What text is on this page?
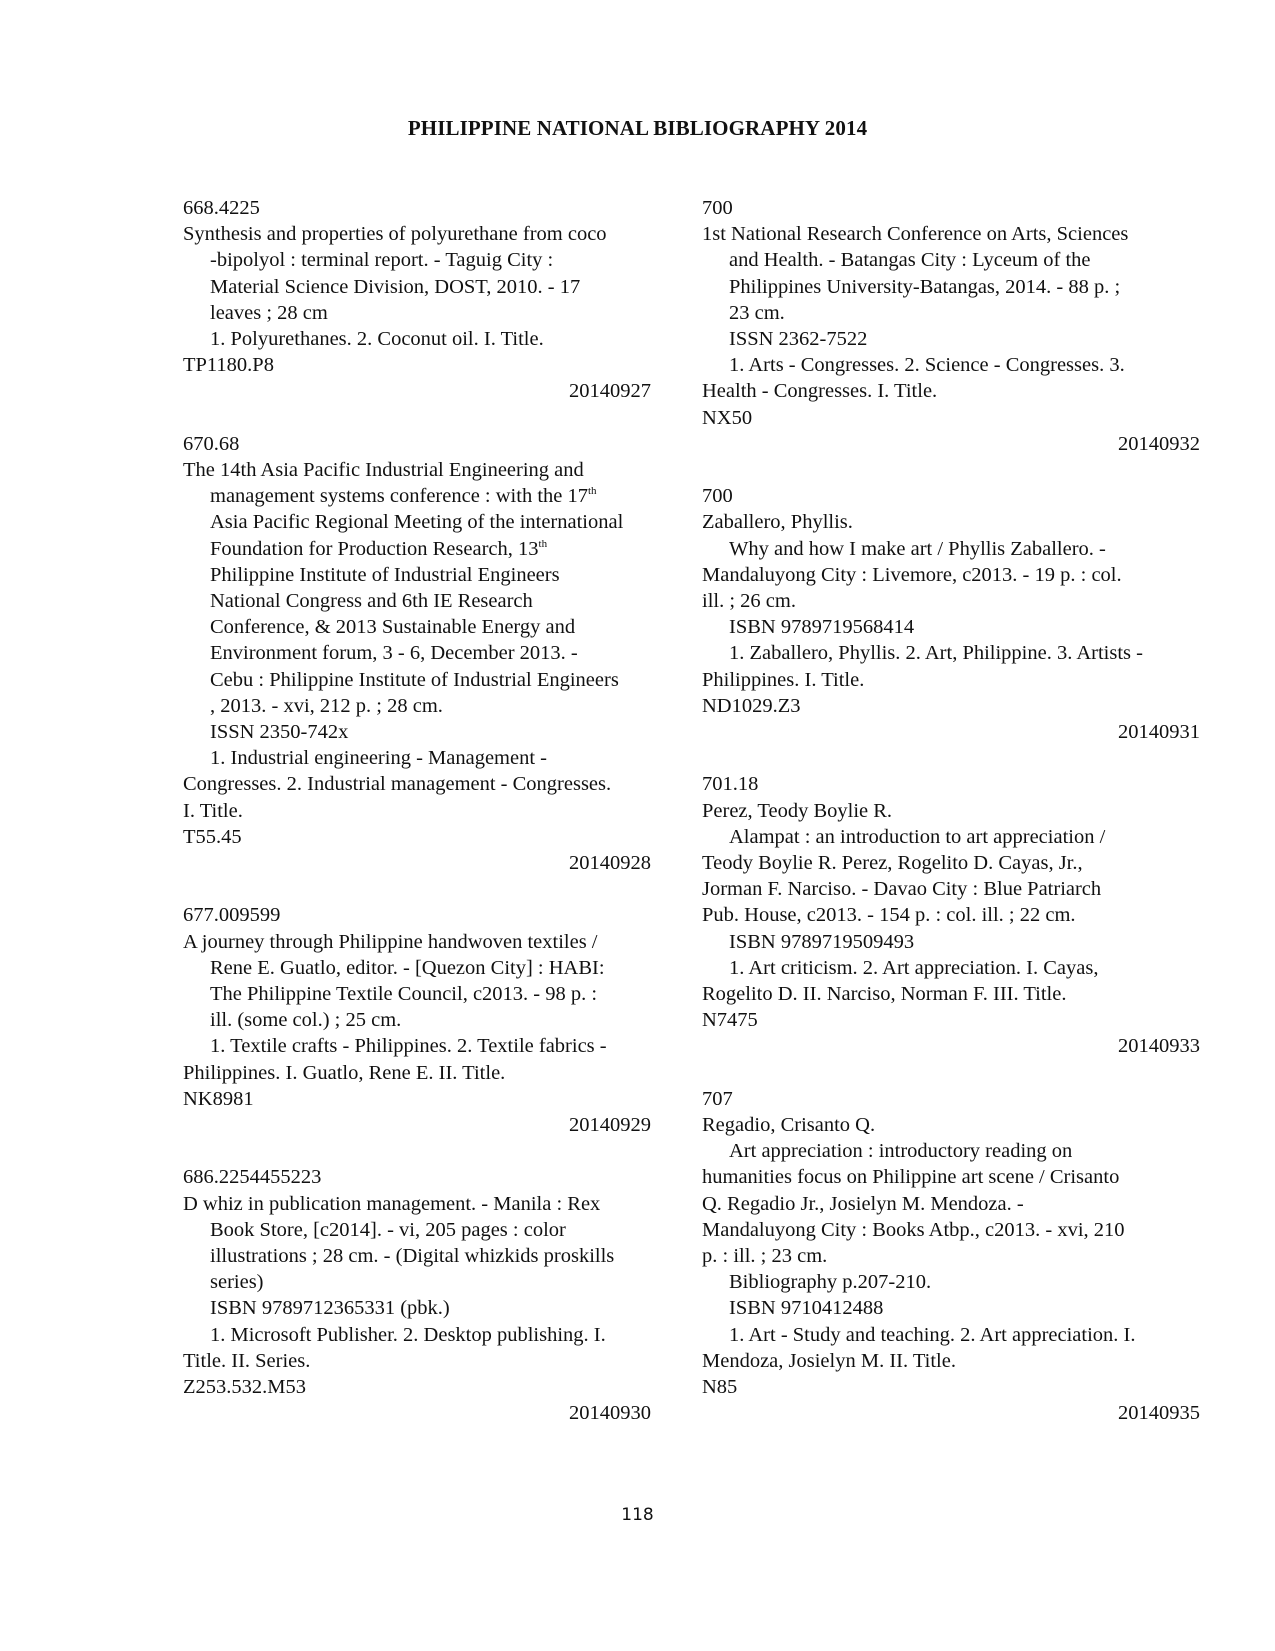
PHILIPPINE NATIONAL BIBLIOGRAPHY 2014
668.4225
Synthesis and properties of polyurethane from coco
-bipolyol : terminal report. - Taguig City :
Material Science Division, DOST, 2010. - 17
leaves ; 28 cm
1. Polyurethanes. 2. Coconut oil. I. Title.
TP1180.P8
20140927
670.68
The 14th Asia Pacific Industrial Engineering and
management systems conference : with the 17th
Asia Pacific Regional Meeting of the international
Foundation for Production Research, 13th
Philippine Institute of Industrial Engineers
National Congress and 6th IE Research
Conference, & 2013 Sustainable Energy and
Environment forum, 3 - 6, December 2013. -
Cebu : Philippine Institute of Industrial Engineers
, 2013. - xvi, 212 p. ; 28 cm.
ISSN 2350-742x
1. Industrial engineering - Management -
Congresses. 2. Industrial management - Congresses.
I. Title.
T55.45
20140928
677.009599
A journey through Philippine handwoven textiles /
Rene E. Guatlo, editor. - [Quezon City] : HABI:
The Philippine Textile Council, c2013. - 98 p. :
ill. (some col.) ; 25 cm.
1. Textile crafts - Philippines. 2. Textile fabrics -
Philippines. I. Guatlo, Rene E. II. Title.
NK8981
20140929
686.2254455223
D whiz in publication management. - Manila : Rex
Book Store, [c2014]. - vi, 205 pages : color
illustrations ; 28 cm. - (Digital whizkids proskills
series)
ISBN 9789712365331 (pbk.)
1. Microsoft Publisher. 2. Desktop publishing. I.
Title. II. Series.
Z253.532.M53
20140930
700
1st National Research Conference on Arts, Sciences
and Health. - Batangas City : Lyceum of the
Philippines University-Batangas, 2014. - 88 p. ;
23 cm.
ISSN 2362-7522
1. Arts - Congresses. 2. Science - Congresses. 3.
Health - Congresses. I. Title.
NX50
20140932
700
Zaballero, Phyllis.
Why and how I make art / Phyllis Zaballero. -
Mandaluyong City : Livemore, c2013. - 19 p. : col.
ill. ; 26 cm.
ISBN 9789719568414
1. Zaballero, Phyllis. 2. Art, Philippine. 3. Artists -
Philippines. I. Title.
ND1029.Z3
20140931
701.18
Perez, Teody Boylie R.
Alampat : an introduction to art appreciation /
Teody Boylie R. Perez, Rogelito D. Cayas, Jr.,
Jorman F. Narciso. - Davao City : Blue Patriarch
Pub. House, c2013. - 154 p. : col. ill. ; 22 cm.
ISBN 9789719509493
1. Art criticism. 2. Art appreciation. I. Cayas,
Rogelito D. II. Narciso, Norman F. III. Title.
N7475
20140933
707
Regadio, Crisanto Q.
Art appreciation : introductory reading on
humanities focus on Philippine art scene / Crisanto
Q. Regadio Jr., Josielyn M. Mendoza. -
Mandaluyong City : Books Atbp., c2013. - xvi, 210
p. : ill. ; 23 cm.
Bibliography p.207-210.
ISBN 9710412488
1. Art - Study and teaching. 2. Art appreciation. I.
Mendoza, Josielyn M. II. Title.
N85
20140935
118
